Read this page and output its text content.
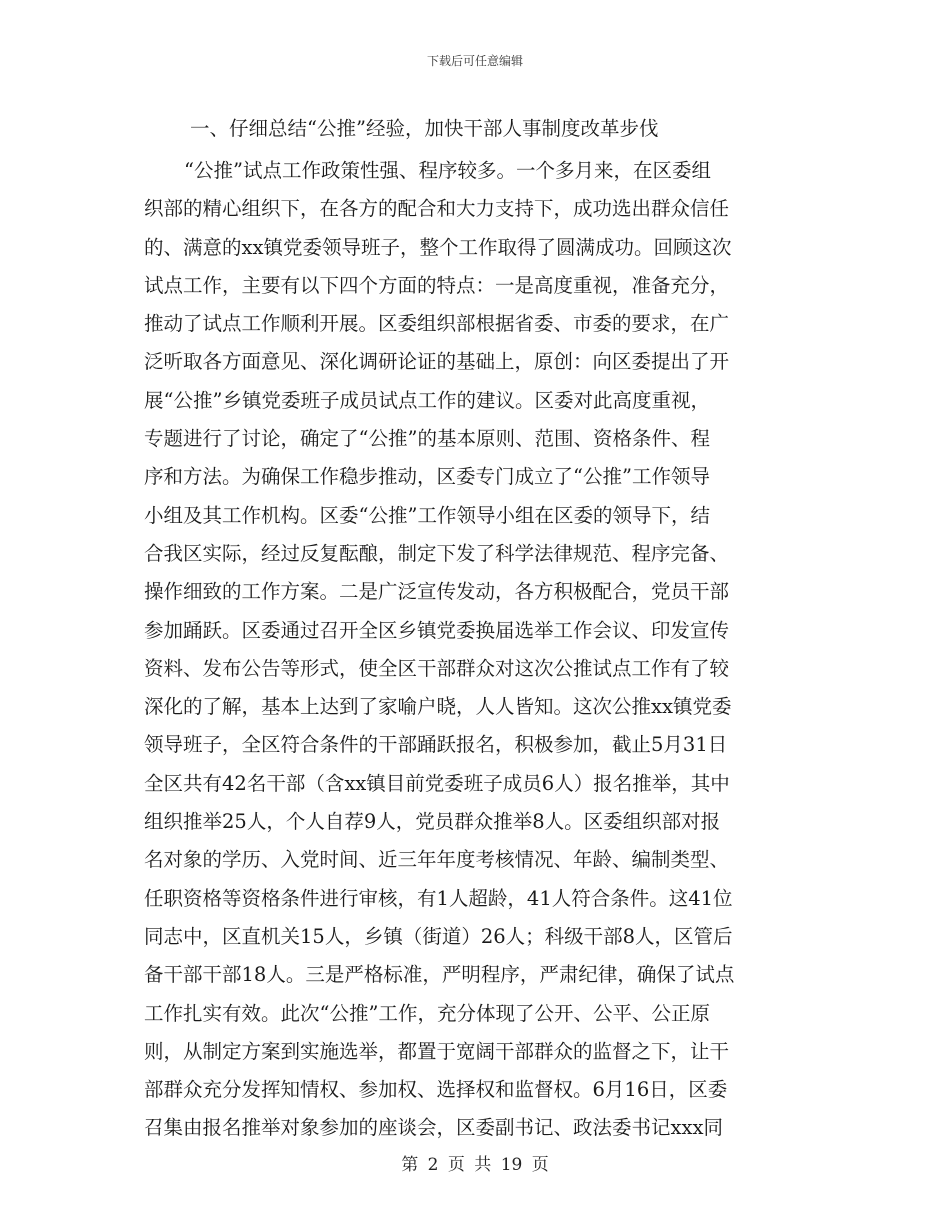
下载后可任意编辑
一、仔细总结“公推”经验，加快干部人事制度改革步伐
“公推”试点工作政策性强、程序较多。一个多月来，在区委组
织部的精心组织下，在各方的配合和大力支持下，成功选出群众信任
的、满意的xx镇党委领导班子，整个工作取得了圆满成功。回顾这次
试点工作，主要有以下四个方面的特点：一是高度重视，准备充分，
推动了试点工作顺利开展。区委组织部根据省委、市委的要求，在广
泛听取各方面意见、深化调研论证的基础上，原创：向区委提出了开
展“公推”乡镇党委班子成员试点工作的建议。区委对此高度重视，
专题进行了讨论，确定了“公推”的基本原则、范围、资格条件、程
序和方法。为确保工作稳步推动，区委专门成立了“公推”工作领导
小组及其工作机构。区委“公推”工作领导小组在区委的领导下，结
合我区实际，经过反复酝酿，制定下发了科学法律规范、程序完备、
操作细致的工作方案。二是广泛宣传发动，各方积极配合，党员干部
参加踊跃。区委通过召开全区乡镇党委换届选举工作会议、印发宣传
资料、发布公告等形式，使全区干部群众对这次公推试点工作有了较
深化的了解，基本上达到了家喻户晓，人人皆知。这次公推xx镇党委
领导班子，全区符合条件的干部踊跃报名，积极参加，截止5月31日
全区共有42名干部（含xx镇目前党委班子成员6人）报名推举，其中
组织推举25人，个人自荐9人，党员群众推举8人。区委组织部对报
名对象的学历、入党时间、近三年年度考核情况、年龄、编制类型、
任职资格等资格条件进行审核，有1人超龄，41人符合条件。这41位
同志中，区直机关15人，乡镇（街道）26人；科级干部8人，区管后
备干部干部18人。三是严格标准，严明程序，严肃纪律，确保了试点
工作扎实有效。此次“公推”工作，充分体现了公开、公平、公正原
则，从制定方案到实施选举，都置于宽阔干部群众的监督之下，让干
部群众充分发挥知情权、参加权、选择权和监督权。6月16日，区委
召集由报名推举对象参加的座谈会，区委副书记、政法委书记xxx同
第 2 页 共 19 页
